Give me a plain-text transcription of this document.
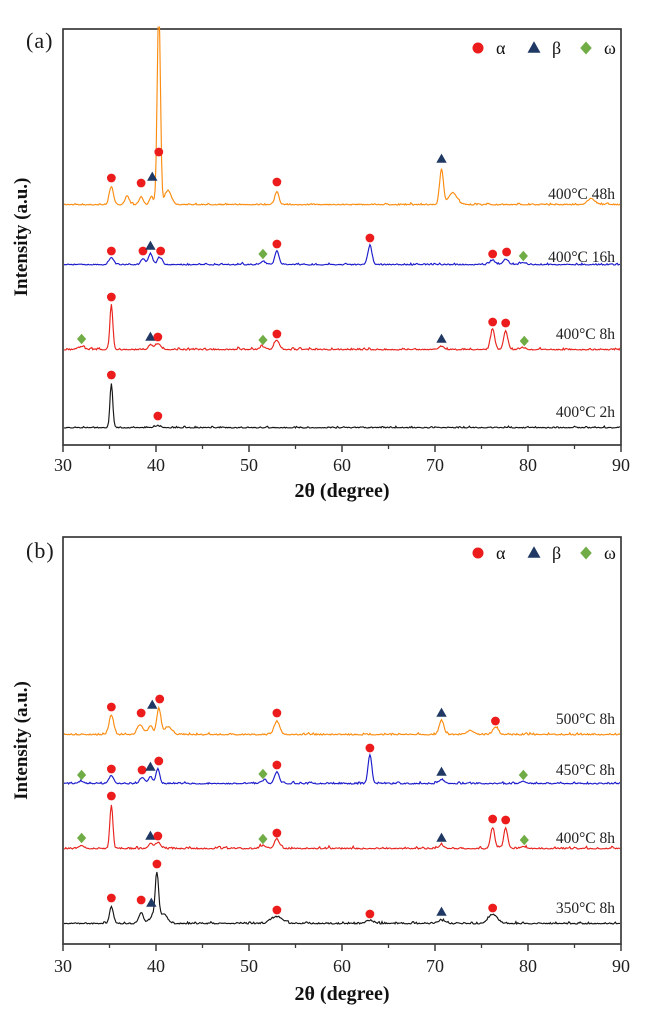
(a)
30	40	50	60	70	80	90
2θ (degree)
Intensity (a.u.)
α	β ω
400°C 48h
400°C 16h
400°C 8h
400°C 2h
(b)
30	40	50	60	70	80	90
2θ (degree)
Intensity (a.u.)
α	β ω
500°C 8h
450°C 8h
400°C 8h
350°C 8h
